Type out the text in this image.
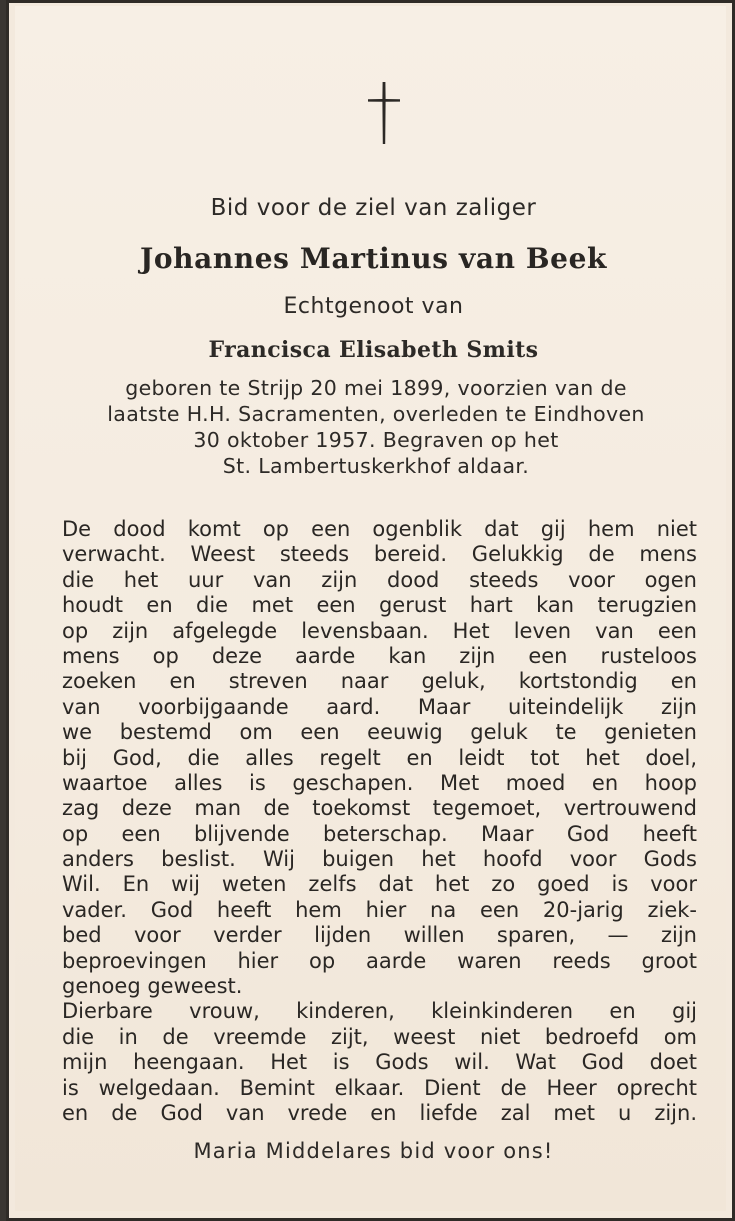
Bid voor de ziel van zaliger
Johannes Martinus van Beek
Echtgenoot van
Francisca Elisabeth Smits
geboren te Strijp 20 mei 1899, voorzien van de
laatste H.H. Sacramenten, overleden te Eindhoven
30 oktober 1957. Begraven op het
St. Lambertuskerkhof aldaar.
De dood komt op een ogenblik dat gij hem niet
verwacht. Weest steeds bereid. Gelukkig de mens
die het uur van zijn dood steeds voor ogen
houdt en die met een gerust hart kan terugzien
op zijn afgelegde levensbaan. Het leven van een
mens op deze aarde kan zijn een rusteloos
zoeken en streven naar geluk, kortstondig en
van voorbijgaande aard. Maar uiteindelijk zijn
we bestemd om een eeuwig geluk te genieten
bij God, die alles regelt en leidt tot het doel,
waartoe alles is geschapen. Met moed en hoop
zag deze man de toekomst tegemoet, vertrouwend
op een blijvende beterschap. Maar God heeft
anders beslist. Wij buigen het hoofd voor Gods
Wil. En wij weten zelfs dat het zo goed is voor
vader. God heeft hem hier na een 20-jarig ziek-
bed voor verder lijden willen sparen, — zijn
beproevingen hier op aarde waren reeds groot
genoeg geweest.
Dierbare vrouw, kinderen, kleinkinderen en gij
die in de vreemde zijt, weest niet bedroefd om
mijn heengaan. Het is Gods wil. Wat God doet
is welgedaan. Bemint elkaar. Dient de Heer oprecht
en de God van vrede en liefde zal met u zijn.
Maria Middelares bid voor ons!
